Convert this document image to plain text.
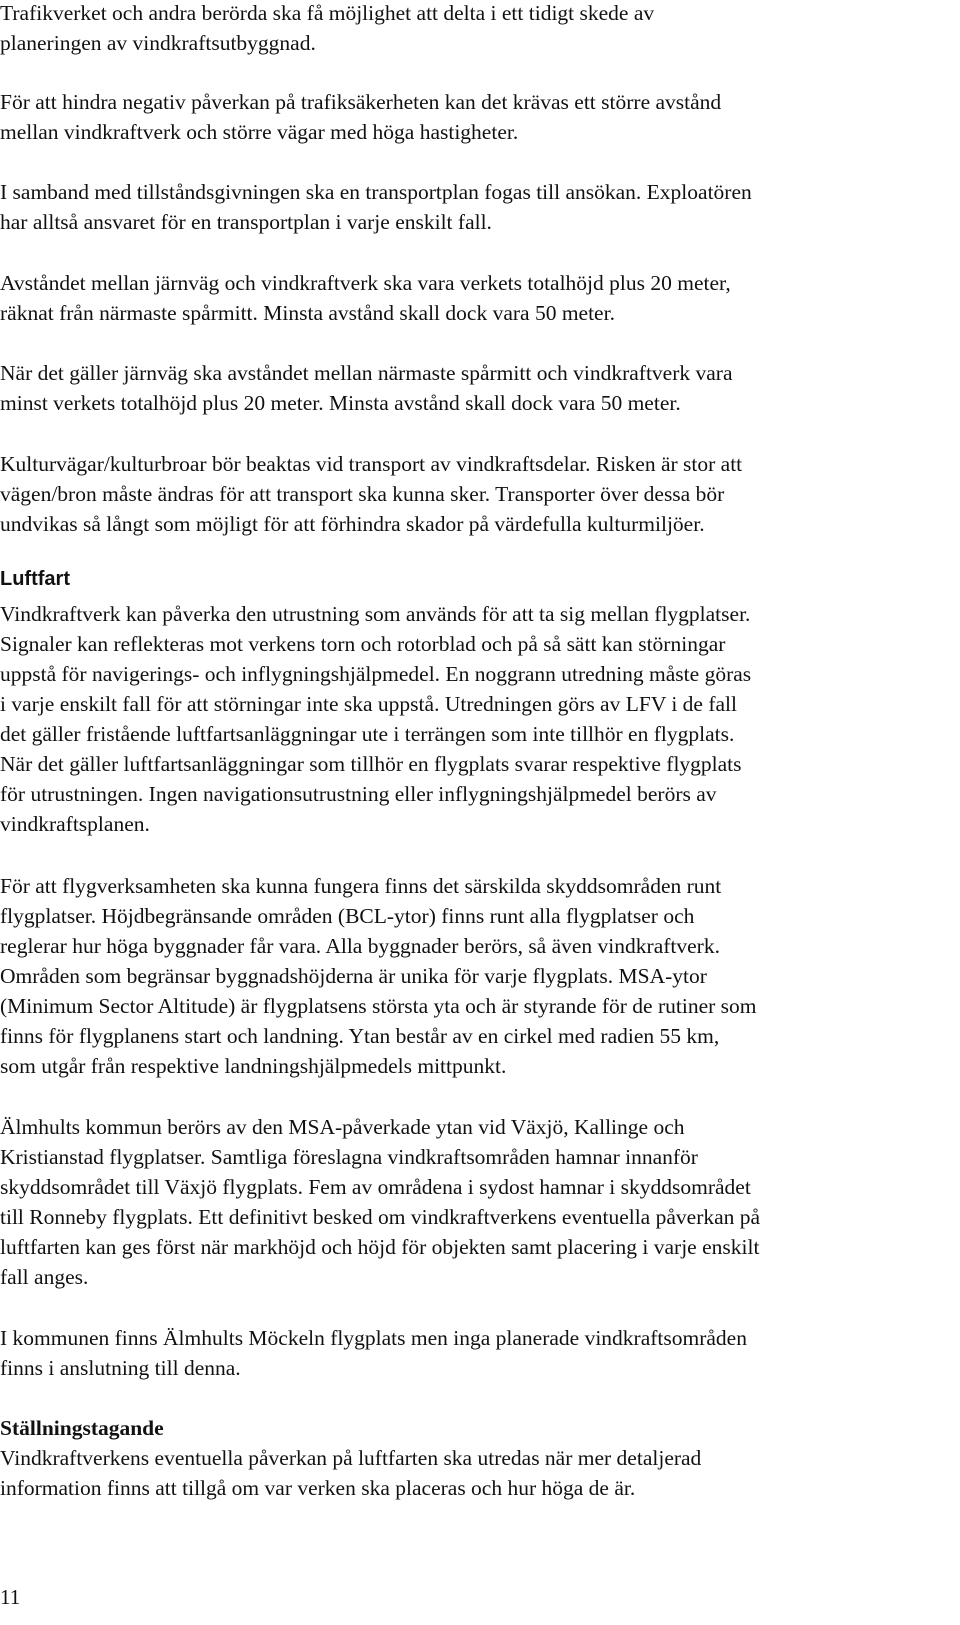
Trafikverket och andra berörda ska få möjlighet att delta i ett tidigt skede av
planeringen av vindkraftsutbyggnad.
För att hindra negativ påverkan på trafiksäkerheten kan det krävas ett större avstånd
mellan vindkraftverk och större vägar med höga hastigheter.
I samband med tillståndsgivningen ska en transportplan fogas till ansökan. Exploatören
har alltså ansvaret för en transportplan i varje enskilt fall.
Avståndet mellan järnväg och vindkraftverk ska vara verkets totalhöjd plus 20 meter,
räknat från närmaste spårmitt. Minsta avstånd skall dock vara 50 meter.
När det gäller järnväg ska avståndet mellan närmaste spårmitt och vindkraftverk vara
minst verkets totalhöjd plus 20 meter. Minsta avstånd skall dock vara 50 meter.
Kulturvägar/kulturbroar bör beaktas vid transport av vindkraftsdelar. Risken är stor att
vägen/bron måste ändras för att transport ska kunna sker. Transporter över dessa bör
undvikas så långt som möjligt för att förhindra skador på värdefulla kulturmiljöer.
Luftfart
Vindkraftverk kan påverka den utrustning som används för att ta sig mellan flygplatser.
Signaler kan reflekteras mot verkens torn och rotorblad och på så sätt kan störningar
uppstå för navigerings- och inflygningshjälpmedel. En noggrann utredning måste göras
i varje enskilt fall för att störningar inte ska uppstå. Utredningen görs av LFV i de fall
det gäller fristående luftfartsanläggningar ute i terrängen som inte tillhör en flygplats.
När det gäller luftfartsanläggningar som tillhör en flygplats svarar respektive flygplats
för utrustningen. Ingen navigationsutrustning eller inflygningshjälpmedel berörs av
vindkraftsplanen.
För att flygverksamheten ska kunna fungera finns det särskilda skyddsområden runt
flygplatser. Höjdbegränsande områden (BCL-ytor) finns runt alla flygplatser och
reglerar hur höga byggnader får vara. Alla byggnader berörs, så även vindkraftverk.
Områden som begränsar byggnadshöjderna är unika för varje flygplats. MSA-ytor
(Minimum Sector Altitude) är flygplatsens största yta och är styrande för de rutiner som
finns för flygplanens start och landning. Ytan består av en cirkel med radien 55 km,
som utgår från respektive landningshjälpmedels mittpunkt.
Älmhults kommun berörs av den MSA-påverkade ytan vid Växjö, Kallinge och
Kristianstad flygplatser. Samtliga föreslagna vindkraftsområden hamnar innanför
skyddsområdet till Växjö flygplats. Fem av områdena i sydost hamnar i skyddsområdet
till Ronneby flygplats. Ett definitivt besked om vindkraftverkens eventuella påverkan på
luftfarten kan ges först när markhöjd och höjd för objekten samt placering i varje enskilt
fall anges.
I kommunen finns Älmhults Möckeln flygplats men inga planerade vindkraftsområden
finns i anslutning till denna.
Ställningstagande
Vindkraftverkens eventuella påverkan på luftfarten ska utredas när mer detaljerad
information finns att tillgå om var verken ska placeras och hur höga de är.
11
